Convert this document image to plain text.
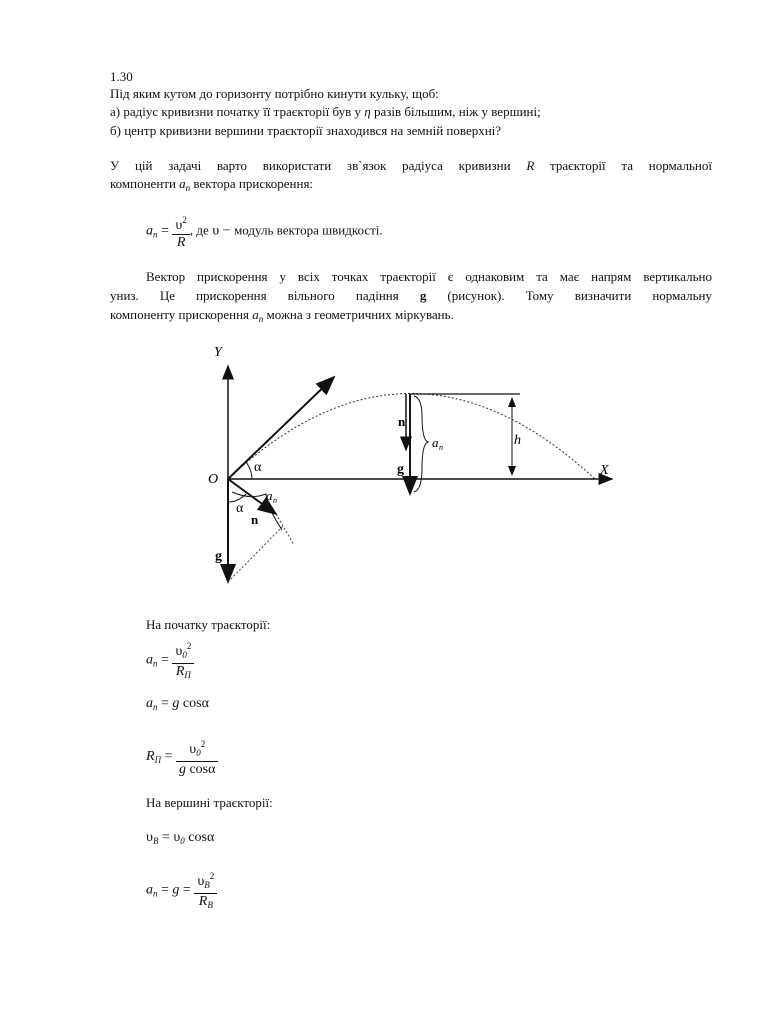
1.30
Під яким кутом до горизонту потрібно кинути кульку, щоб:
а) радіус кривизни початку її траєкторії був у η разів більшим, ніж у вершині;
б) центр кривизни вершини траєкторії знаходився на земній поверхні?
У цій задачі варто використати зв`язок радіуса кривизни R траєкторії та нормальної
компоненти $a_n$ вектора прискорення:
$a_n = \frac{\upsilon^2}{R}$ , де υ − модуль вектора швидкості.
Вектор прискорення у всіх точках траєкторії є однаковим та має напрям вертикально
униз. Це прискорення вільного падіння g (рисунок). Тому визначити нормальну
компоненту прискорення $a_n$ можна з геометричних міркувань.
Y
X
O
α
α
a n
n
g
n
g
a n	h
На початку траєкторії:
$a_n = \frac{\upsilon_0^2}{R_П}$
$a_n = g$ cosα
$R_П = \frac{\upsilon_0^2}{\text{g cosα}}$
На вершині траєкторії:
$\upsilon_В = \upsilon_0$ cosα
$a_n = g = \frac{\upsilon_В^2}{R_В}$
